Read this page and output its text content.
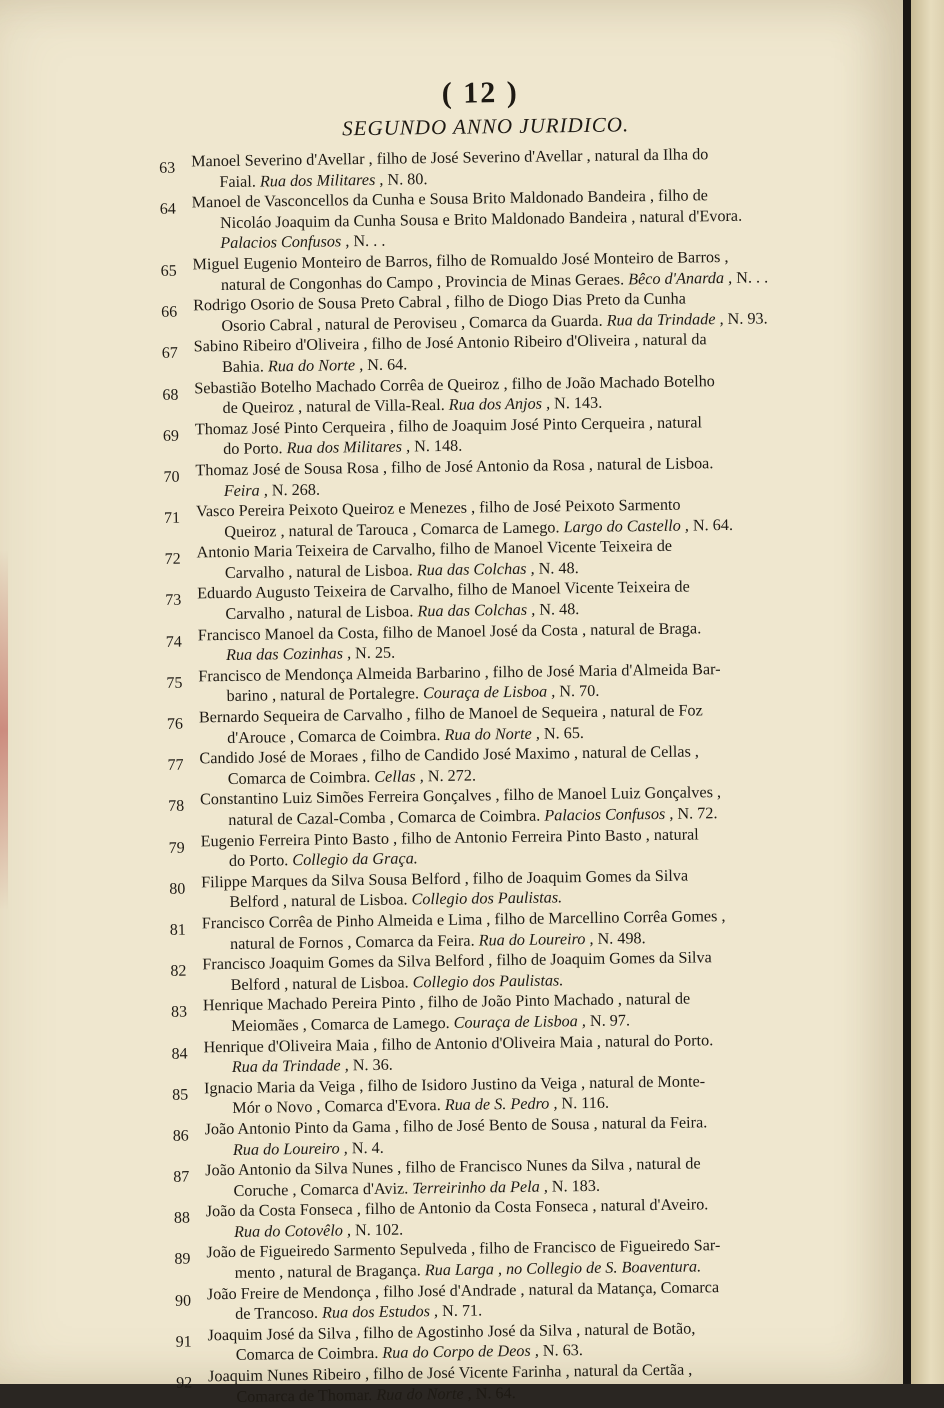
( 12 )
SEGUNDO ANNO JURIDICO.
63 Manoel Severino d'Avellar , filho de José Severino d'Avellar , natural da Ilha do
Faial. Rua dos Militares , N. 80.
64 Manoel de Vasconcellos da Cunha e Sousa Brito Maldonado Bandeira , filho de
Nicoláo Joaquim da Cunha Sousa e Brito Maldonado Bandeira , natural d'Evora. Palacios Confusos , N. . .
65 Miguel Eugenio Monteiro de Barros, filho de Romualdo José Monteiro de Barros ,
natural de Congonhas do Campo , Provincia de Minas Geraes. Bêco d'Anarda , N. . .
66 Rodrigo Osorio de Sousa Preto Cabral , filho de Diogo Dias Preto da Cunha
Osorio Cabral , natural de Peroviseu , Comarca da Guarda. Rua da Trindade , N. 93.
67 Sabino Ribeiro d'Oliveira , filho de José Antonio Ribeiro d'Oliveira , natural da
Bahia. Rua do Norte , N. 64.
68 Sebastião Botelho Machado Corrêa de Queiroz , filho de João Machado Botelho
de Queiroz , natural de Villa-Real. Rua dos Anjos , N. 143.
69 Thomaz José Pinto Cerqueira , filho de Joaquim José Pinto Cerqueira , natural
do Porto. Rua dos Militares , N. 148.
70 Thomaz José de Sousa Rosa , filho de José Antonio da Rosa , natural de Lisboa.
Feira , N. 268.
71 Vasco Pereira Peixoto Queiroz e Menezes , filho de José Peixoto Sarmento
Queiroz , natural de Tarouca , Comarca de Lamego. Largo do Castello , N. 64.
72 Antonio Maria Teixeira de Carvalho, filho de Manoel Vicente Teixeira de
Carvalho , natural de Lisboa. Rua das Colchas , N. 48.
73 Eduardo Augusto Teixeira de Carvalho, filho de Manoel Vicente Teixeira de
Carvalho , natural de Lisboa. Rua das Colchas , N. 48.
74 Francisco Manoel da Costa, filho de Manoel José da Costa , natural de Braga.
Rua das Cozinhas , N. 25.
75 Francisco de Mendonça Almeida Barbarino , filho de José Maria d'Almeida Bar-
barino , natural de Portalegre. Couraça de Lisboa , N. 70.
76 Bernardo Sequeira de Carvalho , filho de Manoel de Sequeira , natural de Foz
d'Arouce , Comarca de Coimbra. Rua do Norte , N. 65.
77 Candido José de Moraes , filho de Candido José Maximo , natural de Cellas ,
Comarca de Coimbra. Cellas , N. 272.
78 Constantino Luiz Simões Ferreira Gonçalves , filho de Manoel Luiz Gonçalves ,
natural de Cazal-Comba , Comarca de Coimbra. Palacios Confusos , N. 72.
79 Eugenio Ferreira Pinto Basto , filho de Antonio Ferreira Pinto Basto , natural
do Porto. Collegio da Graça.
80 Filippe Marques da Silva Sousa Belford , filho de Joaquim Gomes da Silva
Belford , natural de Lisboa. Collegio dos Paulistas.
81 Francisco Corrêa de Pinho Almeida e Lima , filho de Marcellino Corrêa Gomes ,
natural de Fornos , Comarca da Feira. Rua do Loureiro , N. 498.
82 Francisco Joaquim Gomes da Silva Belford , filho de Joaquim Gomes da Silva
Belford , natural de Lisboa. Collegio dos Paulistas.
83 Henrique Machado Pereira Pinto , filho de João Pinto Machado , natural de
Meiomães , Comarca de Lamego. Couraça de Lisboa , N. 97.
84 Henrique d'Oliveira Maia , filho de Antonio d'Oliveira Maia , natural do Porto.
Rua da Trindade , N. 36.
85 Ignacio Maria da Veiga , filho de Isidoro Justino da Veiga , natural de Monte-
Mór o Novo , Comarca d'Evora. Rua de S. Pedro , N. 116.
86 João Antonio Pinto da Gama , filho de José Bento de Sousa , natural da Feira.
Rua do Loureiro , N. 4.
87 João Antonio da Silva Nunes , filho de Francisco Nunes da Silva , natural de
Coruche , Comarca d'Aviz. Terreirinho da Pela , N. 183.
88 João da Costa Fonseca , filho de Antonio da Costa Fonseca , natural d'Aveiro.
Rua do Cotovêlo , N. 102.
89 João de Figueiredo Sarmento Sepulveda , filho de Francisco de Figueiredo Sar-
mento , natural de Bragança. Rua Larga , no Collegio de S. Boaventura.
90 João Freire de Mendonça , filho José d'Andrade , natural da Matança, Comarca
de Trancoso. Rua dos Estudos , N. 71.
91 Joaquim José da Silva , filho de Agostinho José da Silva , natural de Botão,
Comarca de Coimbra. Rua do Corpo de Deos , N. 63.
92 Joaquim Nunes Ribeiro , filho de José Vicente Farinha , natural da Certãa ,
Comarca de Thomar. Rua do Norte , N. 64.
